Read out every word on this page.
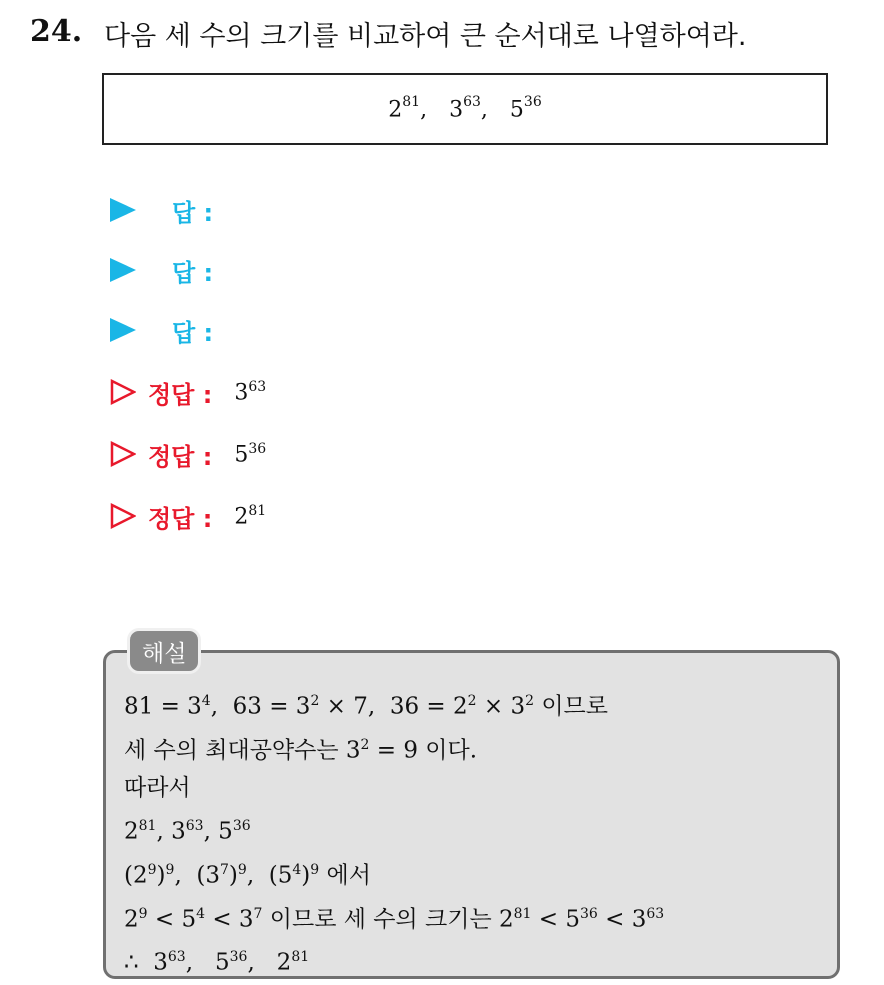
24. 다음 세 수의 크기를 비교하여 큰 순서대로 나열하여라.
$2^{81}$, $3^{63}$, $5^{36}$
답 :
답 :
답 :
정답 : $3^{63}$
정답 : $5^{36}$
정답 : $2^{81}$
해설
$81 = 3^4$,  $63 = 3^2 \times 7$,  $36 = 2^2 \times 3^2$ 이므로
세 수의 최대공약수는 $3^2 = 9$ 이다.
따라서
$2^{81}$, $3^{63}$, $5^{36}$
$(2^9)^9$,  $(3^7)^9$,  $(5^4)^9$ 에서
$2^9 < 5^4 < 3^7$ 이므로 세 수의 크기는 $2^{81} < 5^{36} < 3^{63}$
∴  $3^{63}$,   $5^{36}$,   $2^{81}$
